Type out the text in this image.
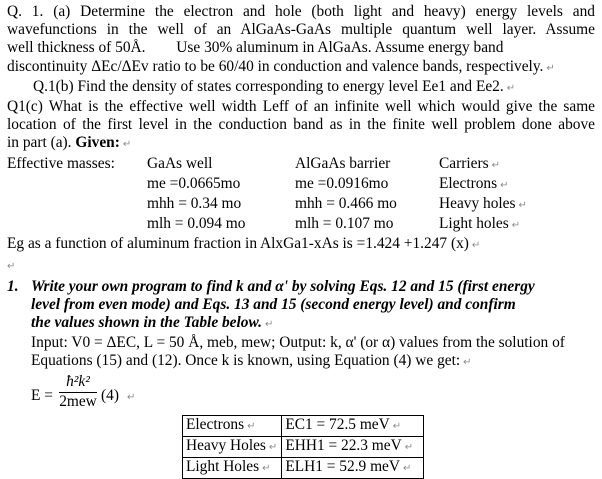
Q. 1. (a) Determine the electron and hole (both light and heavy) energy levels and

wavefunctions in the well of an AlGaAs-GaAs multiple quantum well layer. Assume

well thickness of 50Å. Use 30% aluminum in AlGaAs. Assume energy band

discontinuity ΔEc/ΔEv ratio to be 60/40 in conduction and valence bands, respectively. ↵

Q.1(b) Find the density of states corresponding to energy level Ee1 and Ee2. ↵

Q1(c) What is the effective well width Leff of an infinite well which would give the same

location of the first level in the conduction band as in the finite well problem done above

in part (a). Given: ↵

Effective masses:	GaAs well	AlGaAs barrier	Carriers ↵
	me =0.0665mo	me =0.0916mo	Electrons ↵
	mhh = 0.34 mo	mhh = 0.466 mo	Heavy holes ↵
	mlh = 0.094 mo	mlh = 0.107 mo	Light holes ↵

Eg as a function of aluminum fraction in AlxGa1-xAs is =1.424 +1.247 (x) ↵

↵

1. Write your own program to find k and α' by solving Eqs. 12 and 15 (first energy

level from even mode) and Eqs. 13 and 15 (second energy level) and confirm

the values shown in the Table below. ↵

Input: V0 = ΔEC, L = 50 Å, meb, mew; Output: k, α' (or α) values from the solution of

Equations (15) and (12). Once k is known, using Equation (4) we get: ↵

E =
ħ²k²
2mew (4) ↵
Electrons ↵	EC1 = 72.5 meV ↵
Heavy Holes ↵	EHH1 = 22.3 meV ↵
Light Holes ↵	ELH1 = 52.9 meV ↵
